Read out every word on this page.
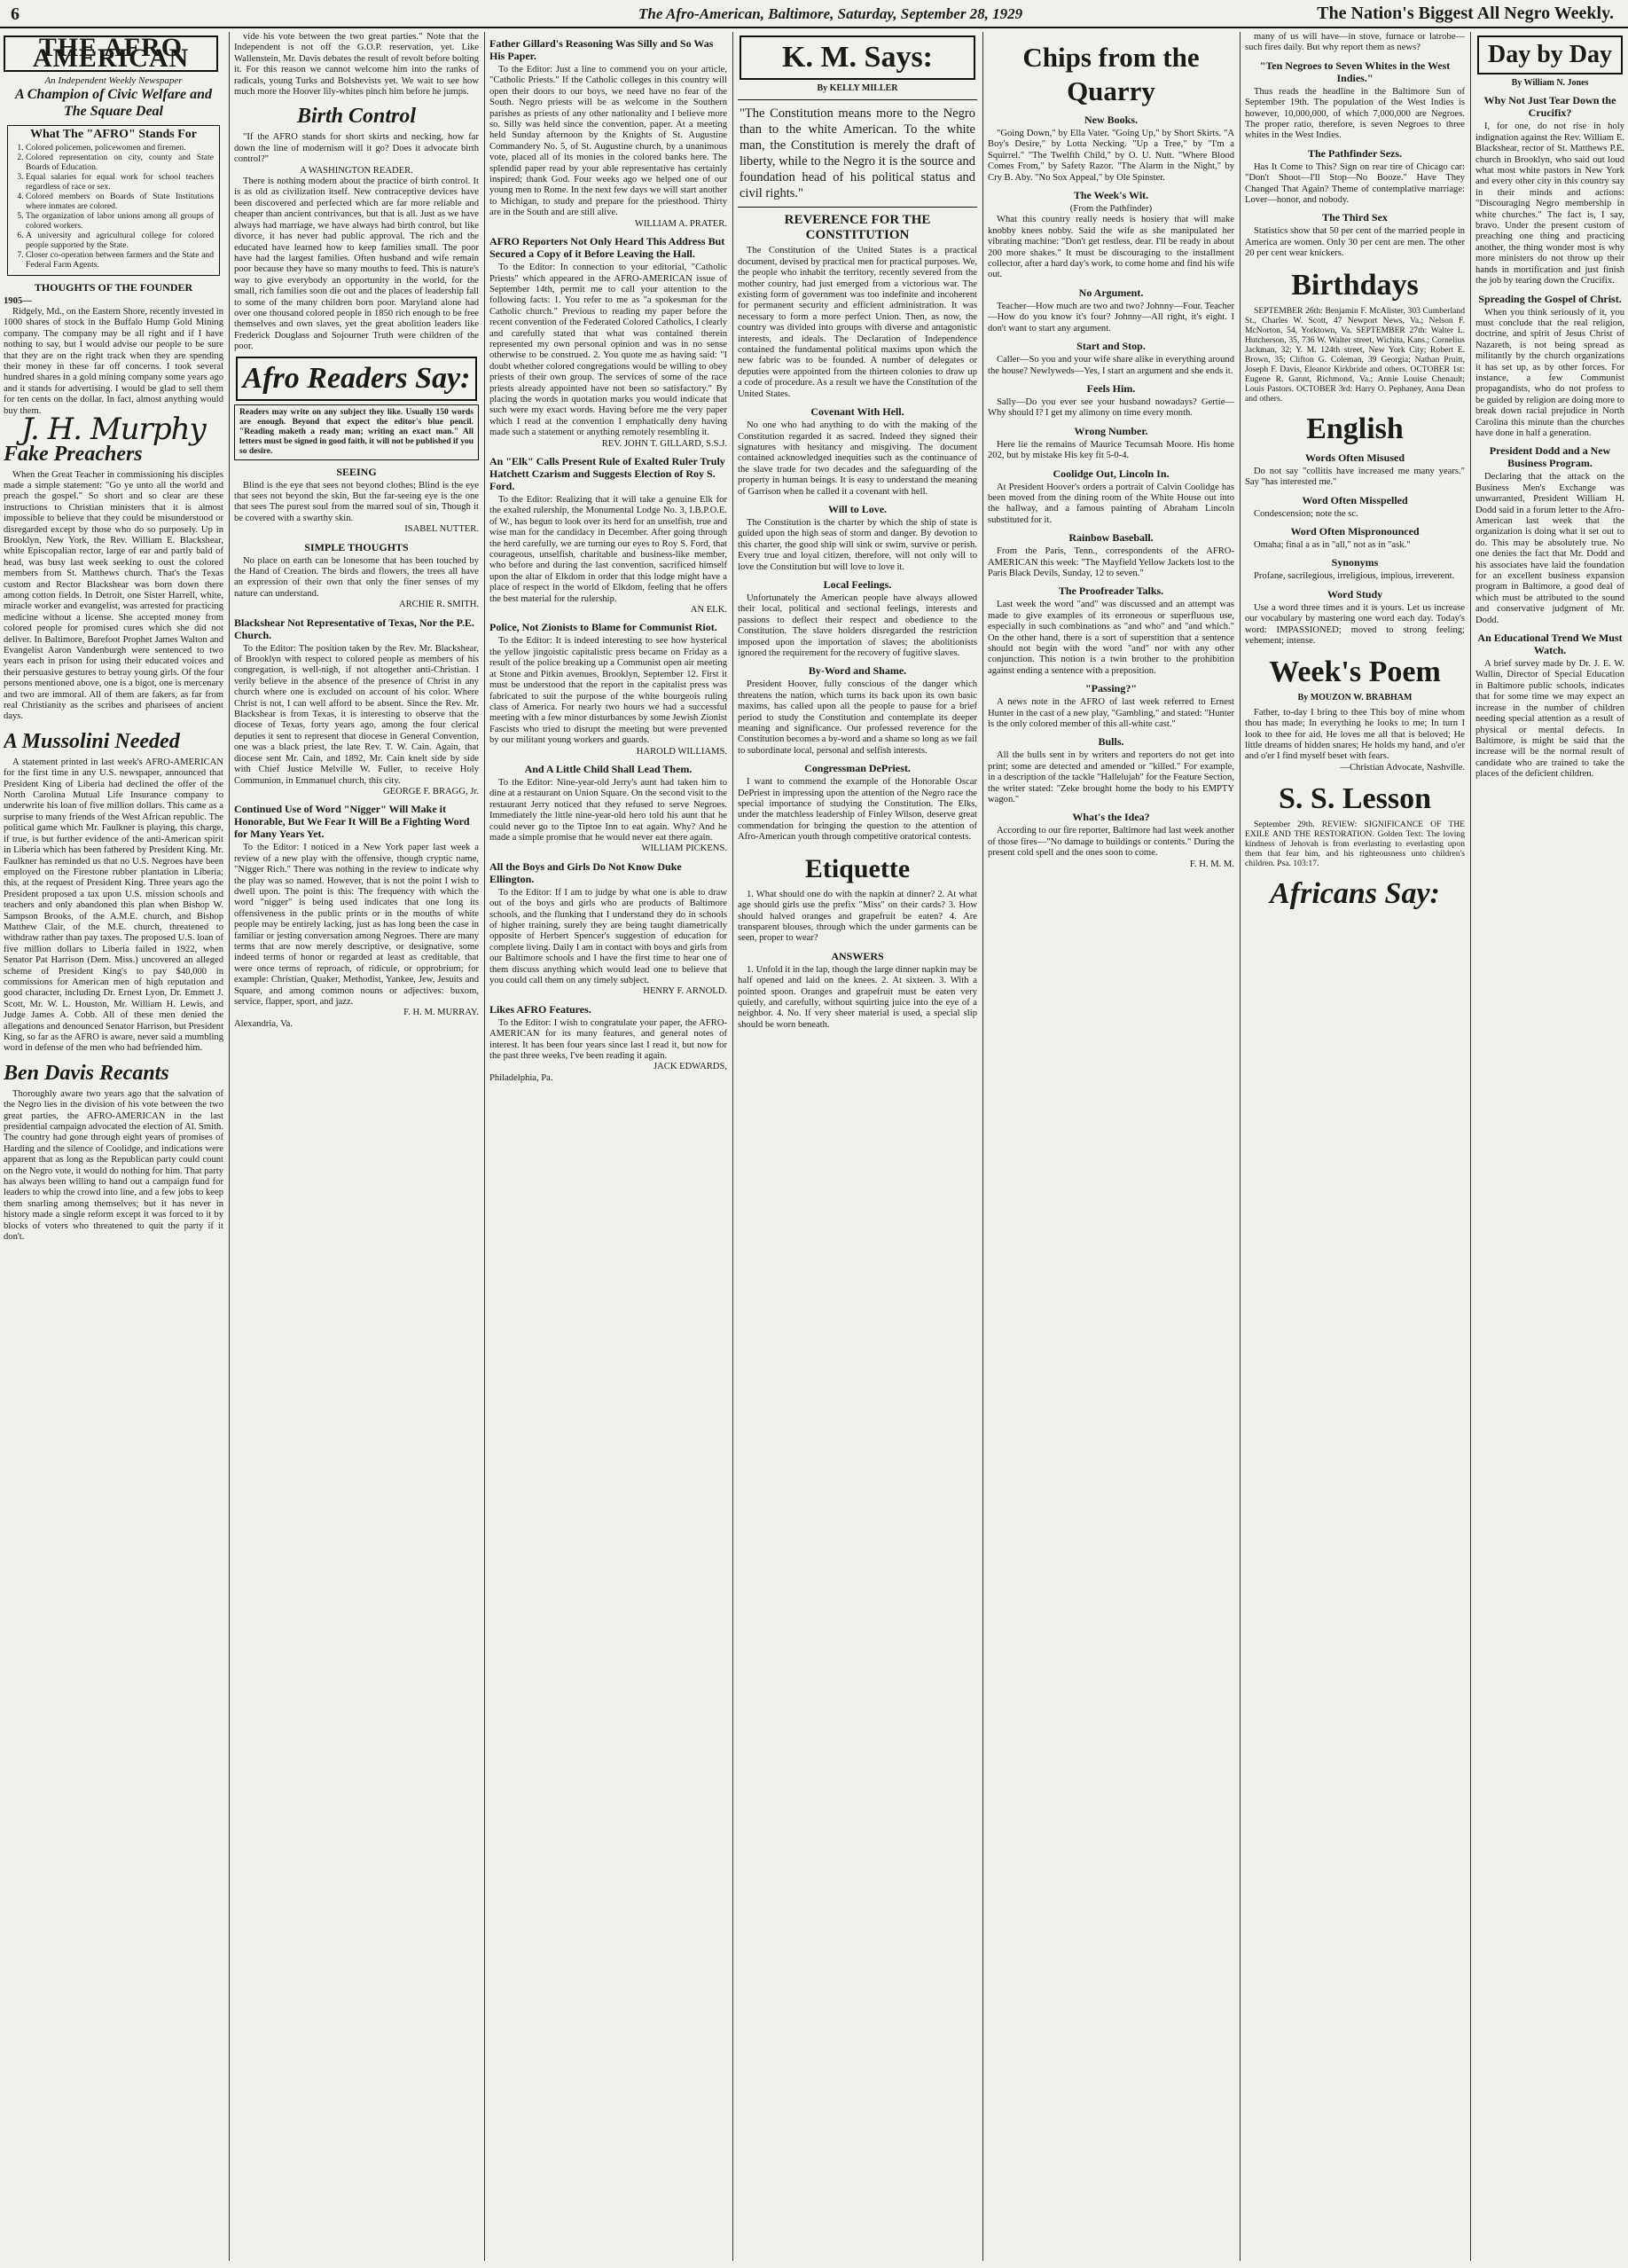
6	The Afro-American, Baltimore, Saturday, September 28, 1929	The Nation's Biggest All Negro Weekly.
THE AFRO AMERICAN
An Independent Weekly Newspaper
A Champion of Civic Welfare and The Square Deal
What The "AFRO" Stands For
1. Colored policemen, policewomen and firemen.
2. Colored representation on city, county and State Boards of Education.
3. Equal salaries for equal work for school teachers regardless of race or sex.
4. Colored members on Boards of State Institutions where inmates are colored.
5. The organization of labor unions among all groups of colored workers.
6. A university and agricultural college for colored people supported by the State.
7. Closer co-operation between farmers and the State and Federal Farm Agents.
THOUGHTS OF THE FOUNDER
1905—

Ridgely, Md., on the Eastern Shore, recently invested in 1000 shares of stock in the Buffalo Hump Gold Mining company. The company may be all right and if I have nothing to say, but I would advise our people to be sure that they are on the right track when they are spending their money in these far off concerns. I took several hundred shares in a gold mining company some years ago and it stands for advertising. I would be glad to sell them for ten cents on the dollar. In fact, almost anything would buy them.

J. H. Murphy
Fake Preachers

When the Great Teacher in commissioning his disciples made a simple statement: "Go ye unto all the world and preach the gospel." So short and so clear are these instructions to Christian ministers that it is almost impossible to believe that they could be misunderstood or disregarded except by those who do so purposely. Up in Brooklyn, New York, the Rev. William E. Blackshear, white Episcopalian rector, large of ear and partly bald of head, was busy last week seeking to oust the colored members from St. Matthews church. That's the Texas custom and Rector Blackshear was born down there among cotton fields. In Detroit, one Sister Harrell, white, miracle worker and evangelist, was arrested for practicing medicine without a license. She accepted money from colored people for promised cures which she did not deliver. In Baltimore, Barefoot Prophet James Walton and Evangelist Aaron Vandenburgh were sentenced to two years each in prison for using their educated voices and their persuasive gestures to betray young girls. Of the four persons mentioned above, one is a bigot, one is mercenary and two are immoral. All of them are fakers, as far from real Christianity as the scribes and pharisees of ancient days.

A Mussolini Needed

A statement printed in last week's AFRO-AMERICAN for the first time in any U.S. newspaper, announced that President King of Liberia had declined the offer of the North Carolina Mutual Life Insurance company to underwrite his loan of five million dollars. This came as a surprise to many friends of the West African republic. The political game which Mr. Faulkner is playing, this charge, if true, is but further evidence of the anti-American spirit in Liberia which has been fathered by President King. Mr. Faulkner has reminded us that no U.S. Negroes have been employed on the Firestone rubber plantation in Liberia; this, at the request of President King. Three years ago the President proposed a tax upon U.S. mission schools and teachers and only abandoned this plan when Bishop W. Sampson Brooks, of the A.M.E. church, and Bishop Matthew Clair, of the M.E. church, threatened to withdraw rather than pay taxes. The proposed U.S. loan of five million dollars to Liberia failed in 1922, when Senator Pat Harrison (Dem. Miss.) uncovered an alleged scheme of President King's to pay $40,000 in commissions for American men of high reputation and good character, including Dr. Ernest Lyon, Dr. Emmett J. Scott, Mr. W. L. Houston, Mr. William H. Lewis, and Judge James A. Cobb. All of these men denied the allegations and denounced Senator Harrison, but President King, so far as the AFRO is aware, never said a mumbling word in defense of the men who had befriended him.

Ben Davis Recants

Thoroughly aware two years ago that the salvation of the Negro lies in the division of his vote between the two great parties, the AFRO-AMERICAN in the last presidential campaign advocated the election of Al. Smith. The country had gone through eight years of promises of Harding and the silence of Coolidge, and indications were apparent that as long as the Republican party could count on the Negro vote, it would do nothing for him. That party has always been willing to hand out a campaign fund for leaders to whip the crowd into line, and a few jobs to keep them snarling among themselves; but it has never in history made a single reform except it was forced to it by blocks of voters who threatened to quit the party if it don't.

vide his vote between the two great parties." Note that the Independent is not off the G.O.P. reservation, yet. Like Wallenstein, Mr. Davis debates the result of revolt before bolting it. For this reason we cannot welcome him into the ranks of radicals, young Turks and Bolshevists yet. We wait to see how much more the Hoover lily-whites pinch him before he jumps.

Birth Control

"If the AFRO stands for short skirts and necking, how far down the line of modernism will it go? Does it advocate birth control?"

A WASHINGTON READER.

There is nothing modern about the practice of birth control. It is as old as civilization itself. New contraceptive devices have been discovered and perfected which are far more reliable and cheaper than ancient contrivances, but that is all. Just as we have always had marriage, we have always had birth control, but like divorce, it has never had public approval. The rich and the educated have learned how to keep families small. The poor have had the largest families. Often husband and wife remain poor because they have so many mouths to feed. This is nature's way to give everybody an opportunity in the world, for the small, rich families soon die out and the places of leadership fall to some of the many children born poor. Maryland alone had over one thousand colored people in 1850 rich enough to be free themselves and own slaves, yet the great abolition leaders like Frederick Douglass and Sojourner Truth were children of the poor.

Afro Readers Say:
Readers may write on any subject they like. Usually 150 words are enough. Beyond that expect the editor's blue pencil. "Reading maketh a ready man; writing an exact man." All letters must be signed in good faith, it will not be published if you so desire.
SEEING

Blind is the eye that sees not beyond clothes; Blind is the eye that sees not beyond the skin, But the far-seeing eye is the one that sees The purest soul from the marred soul of sin, Though it be covered with a swarthy skin.

ISABEL NUTTER.
SIMPLE THOUGHTS

No place on earth can be lonesome that has been touched by the Hand of Creation. The birds and flowers, the trees all have an expression of their own that only the finer senses of my nature can understand.

ARCHIE R. SMITH.
Blackshear Not Representative of Texas, Nor the P.E. Church.

To the Editor: The position taken by the Rev. Mr. Blackshear, of Brooklyn with respect to colored people as members of his congregation, is well-nigh, if not altogether anti-Christian. I verily believe in the absence of the presence of Christ in any church where one is excluded on account of his color. Where Christ is not, I can well afford to be absent. Since the Rev. Mr. Blackshear is from Texas, it is interesting to observe that the diocese of Texas, forty years ago, among the four clerical deputies it sent to represent that diocese in General Convention, one was a black priest, the late Rev. T. W. Cain. Again, that diocese sent Mr. Cain, and 1892, Mr. Cain knelt side by side with Chief Justice Melville W. Fuller, to receive Holy Communion, in Emmanuel church, this city.

GEORGE F. BRAGG, Jr.
Continued Use of Word "Nigger" Will Make it Honorable, But We Fear It Will Be a Fighting Word for Many Years Yet.

To the Editor: I noticed in a New York paper last week a review of a new play with the offensive, though cryptic name, "Nigger Rich." There was nothing in the review to indicate why the play was so named. However, that is not the point I wish to dwell upon. The point is this: The frequency with which the word "nigger" is being used indicates that one long its offensiveness in the public prints or in the mouths of white people may be entirely lacking, just as has long been the case in familiar or jesting conversation among Negroes. There are many terms that are now merely descriptive, or designative, some indeed terms of honor or regarded at least as creditable, that were once terms of reproach, of ridicule, or opprobrium; for example: Christian, Quaker, Methodist, Yankee, Jew, Jesuits and Square, and among common nouns or adjectives: buxom, service, flapper, sport, and jazz.

F. H. M. MURRAY.
Alexandria, Va.
Father Gillard's Reasoning Was Silly and So Was His Paper.

To the Editor: Just a line to commend you on your article, "Catholic Priests." If the Catholic colleges in this country will open their doors to our boys, we need have no fear of the South. Negro priests will be as welcome in the Southern parishes as priests of any other nationality and I believe more so. Silly was held since the convention, paper. At a meeting held Sunday afternoon by the Knights of St. Augustine Commandery No. 5, of St. Augustine church, by a unanimous vote, placed all of its monies in the colored banks here. The splendid paper read by your able representative has certainly inspired; thank God. Four weeks ago we helped one of our young men to Rome. In the next few days we will start another to Michigan, to study and prepare for the priesthood. Thirty are in the South and are still alive.

WILLIAM A. PRATER.
AFRO Reporters Not Only Heard This Address But Secured a Copy of it Before Leaving the Hall.

To the Editor: In connection to your editorial, "Catholic Priests" which appeared in the AFRO-AMERICAN issue of September 14th, permit me to call your attention to the following facts: 1. You refer to me as "a spokesman for the Catholic church." Previous to reading my paper before the recent convention of the Federated Colored Catholics, I clearly and carefully stated that what was contained therein represented my own personal opinion and was in no sense otherwise to be construed. 2. You quote me as having said: "I doubt whether colored congregations would be willing to obey priests of their own group. The services of some of the race priests already appointed have not been so satisfactory." By placing the words in quotation marks you would indicate that such were my exact words. Having before me the very paper which I read at the convention I emphatically deny having made such a statement or anything remotely resembling it.

REV. JOHN T. GILLARD, S.S.J.
An "Elk" Calls Present Rule of Exalted Ruler Truly Hatchett Czarism and Suggests Election of Roy S. Ford.

To the Editor: Realizing that it will take a genuine Elk for the exalted rulership, the Monumental Lodge No. 3, I.B.P.O.E. of W., has begun to look over its herd for an unselfish, true and wise man for the candidacy in December. After going through the herd carefully, we are turning our eyes to Roy S. Ford, that courageous, unselfish, charitable and business-like member, who before and during the last convention, sacrificed himself upon the altar of Elkdom in order that this lodge might have a place of respect in the world of Elkdom, feeling that he offers the best material for the rulership.

AN ELK.
Police, Not Zionists to Blame for Communist Riot.

To the Editor: It is indeed interesting to see how hysterical the yellow jingoistic capitalistic press became on Friday as a result of the police breaking up a Communist open air meeting at Stone and Pitkin avenues, Brooklyn, September 12. First it must be understood that the report in the capitalist press was fabricated to suit the purpose of the white bourgeois ruling class of America. For nearly two hours we had a successful meeting with a few minor disturbances by some Jewish Zionist Fascists who tried to disrupt the meeting but were prevented by our militant young workers and guards.

HAROLD WILLIAMS.
And A Little Child Shall Lead Them.

To the Editor: Nine-year-old Jerry's aunt had taken him to dine at a restaurant on Union Square. On the second visit to the restaurant Jerry noticed that they refused to serve Negroes. Immediately the little nine-year-old hero told his aunt that he could never go to the Tiptoe Inn to eat again. Why? And he made a simple promise that he would never eat there again.

WILLIAM PICKENS.
All the Boys and Girls Do Not Know Duke Ellington.

To the Editor: If I am to judge by what one is able to draw out of the boys and girls who are products of Baltimore schools, and the flunking that I understand they do in schools of higher training, surely they are being taught diametrically opposite of Herbert Spencer's suggestion of education for complete living. Daily I am in contact with boys and girls from our Baltimore schools and I have the first time to hear one of them discuss anything which would lead one to believe that you could call them on any timely subject.

HENRY F. ARNOLD.
Likes AFRO Features.

To the Editor: I wish to congratulate your paper, the AFRO-AMERICAN for its many features, and general notes of interest. It has been four years since last I read it, but now for the past three weeks, I've been reading it again.

JACK EDWARDS,
Philadelphia, Pa.
K. M. Says:
By KELLY MILLER
"The Constitution means more to the Negro than to the white American. To the white man, the Constitution is merely the draft of liberty, while to the Negro it is the source and foundation head of his political status and civil rights."
REVERENCE FOR THE CONSTITUTION

The Constitution of the United States is a practical document, devised by practical men for practical purposes. We, the people who inhabit the territory, recently severed from the mother country, had just emerged from a victorious war. The existing form of government was too indefinite and incoherent for permanent security and efficient administration. It was necessary to form a more perfect Union. Then, as now, the country was divided into groups with diverse and antagonistic interests, and ideals. The Declaration of Independence contained the fundamental political maxims upon which the new fabric was to be founded. A number of delegates or deputies were appointed from the thirteen colonies to draw up a code of procedure. As a result we have the Constitution of the United States.

Covenant With Hell.

No one who had anything to do with the making of the Constitution regarded it as sacred. Indeed they signed their signatures with hesitancy and misgiving. The document contained acknowledged inequities such as the continuance of the slave trade for two decades and the safeguarding of the property in human beings. It is easy to understand the meaning of Garrison when he called it a covenant with hell.

Will to Love.

The Constitution is the charter by which the ship of state is guided upon the high seas of storm and danger. By devotion to this charter, the good ship will sink or swim, survive or perish. Every true and loyal citizen, therefore, will not only will to love the Constitution but will love to love it.

Local Feelings.

Unfortunately the American people have always allowed their local, political and sectional feelings, interests and passions to deflect their respect and obedience to the Constitution. The slave holders disregarded the restriction imposed upon the importation of slaves; the abolitionists ignored the requirement for the recovery of fugitive slaves.

By-Word and Shame.

President Hoover, fully conscious of the danger which threatens the nation, which turns its back upon its own basic maxims, has called upon all the people to pause for a brief period to study the Constitution and contemplate its deeper meaning and significance. Our professed reverence for the Constitution becomes a by-word and a shame so long as we fail to subordinate local, personal and selfish interests.

Congressman DePriest.

I want to commend the example of the Honorable Oscar DePriest in impressing upon the attention of the Negro race the special importance of studying the Constitution. The Elks, under the matchless leadership of Finley Wilson, deserve great commendation for bringing the question to the attention of Afro-American youth through competitive oratorical contests.

Etiquette

1. What should one do with the napkin at dinner? 2. At what age should girls use the prefix "Miss" on their cards? 3. How should halved oranges and grapefruit be eaten? 4. Are transparent blouses, through which the under garments can be seen, proper to wear?

ANSWERS

1. Unfold it in the lap, though the large dinner napkin may be half opened and laid on the knees. 2. At sixteen. 3. With a pointed spoon. Oranges and grapefruit must be eaten very quietly, and carefully, without squirting juice into the eye of a neighbor. 4. No. If very sheer material is used, a special slip should be worn beneath.

Chips from the Quarry
New Books.

"Going Down," by Ella Vater. "Going Up," by Short Skirts. "A Boy's Desire," by Lotta Necking. "Up a Tree," by "I'm a Squirrel." "The Twelfth Child," by O. U. Nutt. "Where Blood Comes From," by Safety Razor. "The Alarm in the Night," by Cry B. Aby. "No Sox Appeal," by Ole Spinster.

The Week's Wit.
(From the Pathfinder)

What this country really needs is hosiery that will make knobby knees nobby. Said the wife as she manipulated her vibrating machine: "Don't get restless, dear. I'll be ready in about 200 more shakes." It must be discouraging to the installment collector, after a hard day's work, to come home and find his wife out.

No Argument.

Teacher—How much are two and two? Johnny—Four. Teacher—How do you know it's four? Johnny—All right, it's eight. I don't want to start any argument.

Start and Stop.

Caller—So you and your wife share alike in everything around the house? Newlyweds—Yes, I start an argument and she ends it.

Feels Him.

Sally—Do you ever see your husband nowadays? Gertie—Why should I? I get my alimony on time every month.

Wrong Number.

Here lie the remains of Maurice Tecumsah Moore. His home 202, but by mistake His key fit 5-0-4.

Coolidge Out, Lincoln In.

At President Hoover's orders a portrait of Calvin Coolidge has been moved from the dining room of the White House out into the hallway, and a famous painting of Abraham Lincoln substituted for it.

Rainbow Baseball.

From the Paris, Tenn., correspondents of the AFRO-AMERICAN this week: "The Mayfield Yellow Jackets lost to the Paris Black Devils, Sunday, 12 to seven."

The Proofreader Talks.

Last week the word "and" was discussed and an attempt was made to give examples of its erroneous or superfluous use, especially in such combinations as "and who" and "and which." On the other hand, there is a sort of superstition that a sentence should not begin with the word "and" nor with any other conjunction. This notion is a twin brother to the prohibition against ending a sentence with a preposition.

"Passing?"

A news note in the AFRO of last week referred to Ernest Hunter in the cast of a new play, "Gambling," and stated: "Hunter is the only colored member of this all-white cast."

Bulls.

All the bulls sent in by writers and reporters do not get into print; some are detected and amended or "killed." For example, in a description of the tackle "Hallelujah" for the Feature Section, the writer stated: "Zeke brought home the body to his EMPTY wagon."

What's the Idea?

According to our fire reporter, Baltimore had last week another of those fires—"No damage to buildings or contents." During the present cold spell and the ones soon to come.

F. H. M. M.

many of us will have—in stove, furnace or latrobe—such fires daily. But why report them as news?

"Ten Negroes to Seven Whites in the West Indies."

Thus reads the headline in the Baltimore Sun of September 19th. The population of the West Indies is however, 10,000,000, of which 7,000,000 are Negroes. The proper ratio, therefore, is seven Negroes to three whites in the West Indies.

The Pathfinder Sezs.

Has It Come to This? Sign on rear tire of Chicago car: "Don't Shoot—I'll Stop—No Booze." Have They Changed That Again? Theme of contemplative marriage: Lover—honor, and nobody.

The Third Sex

Statistics show that 50 per cent of the married people in America are women. Only 30 per cent are men. The other 20 per cent wear knickers.

Birthdays

SEPTEMBER 26th: Benjamin F. McAlister, 303 Cumberland St., Charles W. Scott, 47 Newport News, Va.; Nelson F. McNorton, 54, Yorktown, Va. SEPTEMBER 27th: Walter L. Hutcherson, 35, 736 W. Walter street, Wichita, Kans.; Cornelius Jackman, 32; Y. M. 124th street, New York City; Robert E. Brown, 35; Clifton G. Coleman, 39 Georgia; Nathan Pruitt, Joseph F. Davis, Eleanor Kirkbride and others. OCTOBER 1st: Eugene R. Gannt, Richmond, Va.; Annie Louise Chenault; Louis Pastors. OCTOBER 3rd: Harry O. Pephaney, Anna Dean and others.

English
Words Often Misused

Do not say "collitis have increased me many years." Say "has interested me."

Word Often Misspelled

Condescension; note the sc.

Word Often Mispronounced

Omaha; final a as in "all," not as in "ask."

Synonyms

Profane, sacrilegious, irreligious, impious, irreverent.

Word Study

Use a word three times and it is yours. Let us increase our vocabulary by mastering one word each day. Today's word: IMPASSIONED; moved to strong feeling; vehement; intense.

Week's Poem
By MOUZON W. BRABHAM

Father, to-day I bring to thee This boy of mine whom thou has made; In everything he looks to me; In turn I look to thee for aid. He loves me all that is beloved; He little dreams of hidden snares; He holds my hand, and o'er and o'er I find myself beset with fears.

—Christian Advocate, Nashville.
S. S. Lesson

September 29th. REVIEW: SIGNIFICANCE OF THE EXILE AND THE RESTORATION. Golden Text: The loving kindness of Jehovah is from everlasting to everlasting upon them that fear him, and his righteousness unto children's children. Psa. 103:17.

Africans Say:
Day by Day
By William N. Jones
Why Not Just Tear Down the Crucifix?

I, for one, do not rise in holy indignation against the Rev. William E. Blackshear, rector of St. Matthews P.E. church in Brooklyn, who said out loud what most white pastors in New York and every other city in this country say in their minds and actions: "Discouraging Negro membership in white churches." The fact is, I say, bravo. Under the present custom of preaching one thing and practicing another, the thing wonder most is why more ministers do not throw up their hands in mortification and just finish the job by tearing down the Crucifix.

Spreading the Gospel of Christ.

When you think seriously of it, you must conclude that the real religion, doctrine, and spirit of Jesus Christ of Nazareth, is not being spread as militantly by the church organizations it has set up, as by other forces. For instance, a few Communist propagandists, who do not profess to be guided by religion are doing more to break down racial prejudice in North Carolina this minute than the churches have done in half a generation.

President Dodd and a New Business Program.

Declaring that the attack on the Business Men's Exchange was unwarranted, President William H. Dodd said in a forum letter to the Afro-American last week that the organization is doing what it set out to do. This may be absolutely true. No one denies the fact that Mr. Dodd and his associates have laid the foundation for an excellent business expansion program in Baltimore, a good deal of which must be attributed to the sound and conservative judgment of Mr. Dodd.

An Educational Trend We Must Watch.

A brief survey made by Dr. J. E. W. Wallin, Director of Special Education in Baltimore public schools, indicates that for some time we may expect an increase in the number of children needing special attention as a result of physical or mental defects. In Baltimore, is might be said that the increase will be the normal result of candidate who are trained to take the places of the deficient children.
